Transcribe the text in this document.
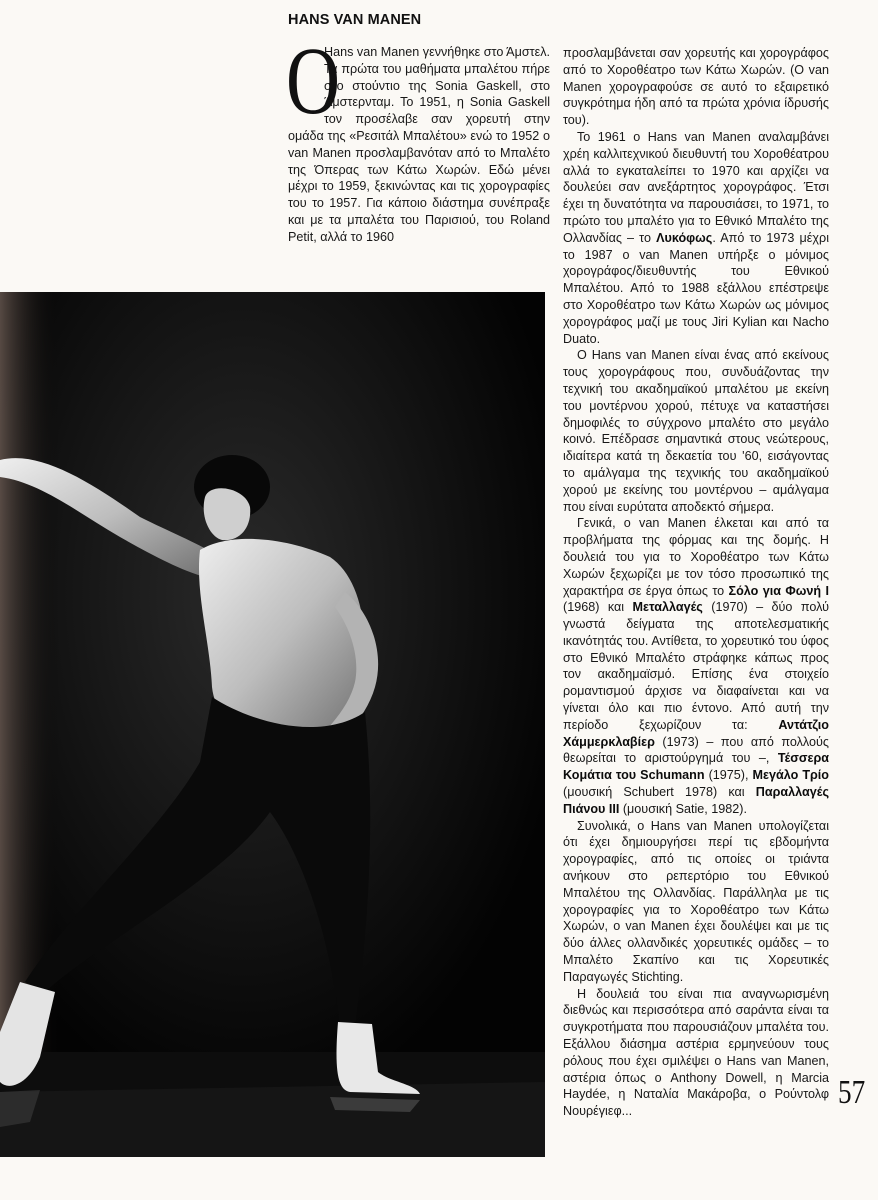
HANS VAN MANEN
O

Hans van Manen γεννήθηκε στο Άμστελ. Τα πρώτα του μαθήματα μπαλέτου πήρε στο στούντιο της Sonia Gaskell, στο Άμστερνταμ. Το 1951, η Sonia Gaskell τον προσέλαβε σαν χορευτή στην ομάδα της «Ρεσιτάλ Μπαλέτου» ενώ το 1952 ο van Manen προσλαμβανόταν από το Μπαλέτο της Όπερας των Κάτω Χωρών. Εδώ μένει μέχρι το 1959, ξεκινώντας και τις χορογραφίες του το 1957. Για κάποιο διάστημα συνέπραξε και με τα μπαλέτα του Παρισιού, του Roland Petit, αλλά το 1960

προσλαμβάνεται σαν χορευτής και χορογράφος από το Χοροθέατρο των Κάτω Χωρών. (Ο van Manen χορογραφούσε σε αυτό το εξαιρετικό συγκρότημα ήδη από τα πρώτα χρόνια ίδρυσής του).

Το 1961 ο Hans van Manen αναλαμβάνει χρέη καλλιτεχνικού διευθυντή του Χοροθέατρου αλλά το εγκαταλείπει το 1970 και αρχίζει να δουλεύει σαν ανεξάρτητος χορογράφος. Έτσι έχει τη δυνατότητα να παρουσιάσει, το 1971, το πρώτο του μπαλέτο για το Εθνικό Μπαλέτο της Ολλανδίας – το Λυκόφως. Από το 1973 μέχρι το 1987 ο van Manen υπήρξε ο μόνιμος χορογράφος/διευθυντής του Εθνικού Μπαλέτου. Από το 1988 εξάλλου επέστρεψε στο Χοροθέατρο των Κάτω Χωρών ως μόνιμος χορογράφος μαζί με τους Jiri Kylian και Nacho Duato.

Ο Hans van Manen είναι ένας από εκείνους τους χορογράφους που, συνδυάζοντας την τεχνική του ακαδημαϊκού μπαλέτου με εκείνη του μοντέρνου χορού, πέτυχε να καταστήσει δημοφιλές το σύγχρονο μπαλέτο στο μεγάλο κοινό. Επέδρασε σημαντικά στους νεώτερους, ιδιαίτερα κατά τη δεκαετία του '60, εισάγοντας το αμάλγαμα της τεχνικής του ακαδημαϊκού χορού με εκείνης του μοντέρνου – αμάλγαμα που είναι ευρύτατα αποδεκτό σήμερα.

Γενικά, ο van Manen έλκεται και από τα προβλήματα της φόρμας και της δομής. Η δουλειά του για το Χοροθέατρο των Κάτω Χωρών ξεχωρίζει με τον τόσο προσωπικό της χαρακτήρα σε έργα όπως το Σόλο για Φωνή I (1968) και Μεταλλαγές (1970) – δύο πολύ γνωστά δείγματα της αποτελεσματικής ικανότητάς του. Αντίθετα, το χορευτικό του ύφος στο Εθνικό Μπαλέτο στράφηκε κάπως προς τον ακαδημαϊσμό. Επίσης ένα στοιχείο ρομαντισμού άρχισε να διαφαίνεται και να γίνεται όλο και πιο έντονο. Από αυτή την περίοδο ξεχωρίζουν τα: Αντάτζιο Χάμμερκλαβίερ (1973) – που από πολλούς θεωρείται το αριστούργημά του –, Τέσσερα Κομάτια του Schumann (1975), Μεγάλο Τρίο (μουσική Schubert 1978) και Παραλλαγές Πιάνου III (μουσική Satie, 1982).

Συνολικά, ο Hans van Manen υπολογίζεται ότι έχει δημιουργήσει περί τις εβδομήντα χορογραφίες, από τις οποίες οι τριάντα ανήκουν στο ρεπερτόριο του Εθνικού Μπαλέτου της Ολλανδίας. Παράλληλα με τις χορογραφίες για το Χοροθέατρο των Κάτω Χωρών, ο van Manen έχει δουλέψει και με τις δύο άλλες ολλανδικές χορευτικές ομάδες – το Μπαλέτο Σκαπίνο και τις Χορευτικές Παραγωγές Stichting.

Η δουλειά του είναι πια αναγνωρισμένη διεθνώς και περισσότερα από σαράντα είναι τα συγκροτήματα που παρουσιάζουν μπαλέτα του. Εξάλλου διάσημα αστέρια ερμηνεύουν τους ρόλους που έχει σμιλέψει ο Hans van Manen, αστέρια όπως ο Anthony Dowell, η Marcia Haydée, η Ναταλία Μακάροβα, ο Ρούντολφ Νουρέγιεφ...

57
